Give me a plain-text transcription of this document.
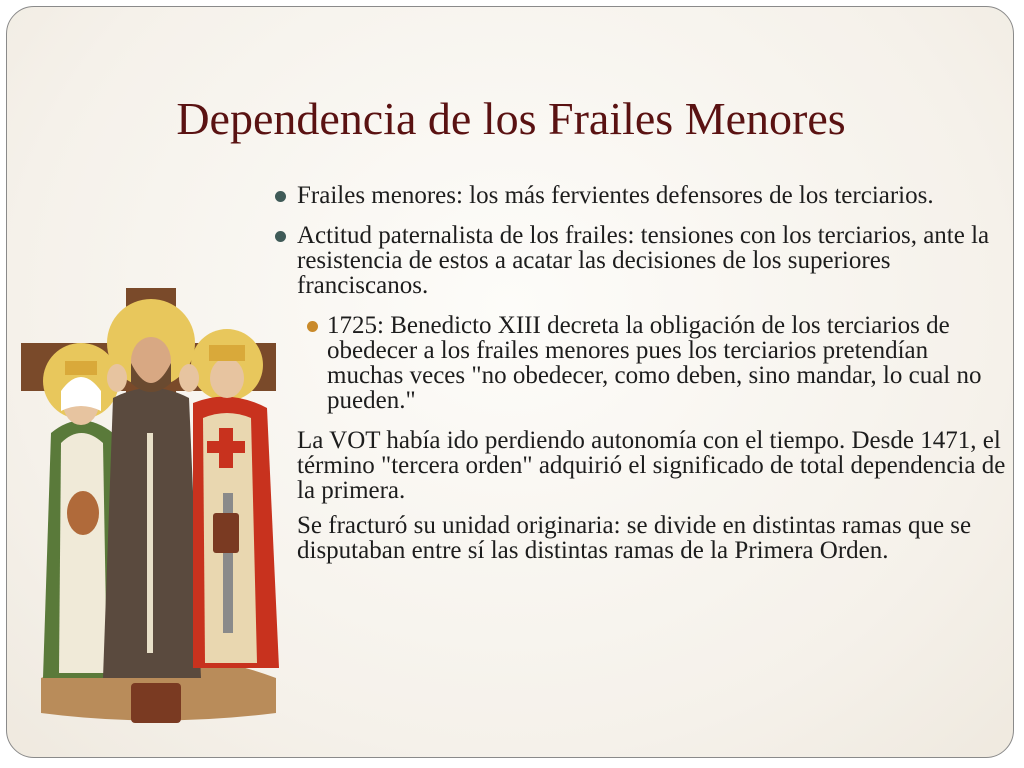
Dependencia de los Frailes Menores
Frailes menores: los más fervientes defensores de los terciarios.
Actitud paternalista de los frailes: tensiones con los terciarios, ante la resistencia de estos a acatar las decisiones de los superiores franciscanos.
1725: Benedicto XIII decreta la obligación de los terciarios de obedecer a los frailes menores pues los terciarios pretendían muchas veces "no obedecer, como deben, sino mandar, lo cual no pueden."
La VOT había ido perdiendo autonomía con el tiempo. Desde 1471, el término "tercera orden" adquirió el significado de total dependencia de la primera.
Se fracturó su unidad originaria: se divide en distintas ramas que se disputaban entre sí las distintas ramas de la Primera Orden.
